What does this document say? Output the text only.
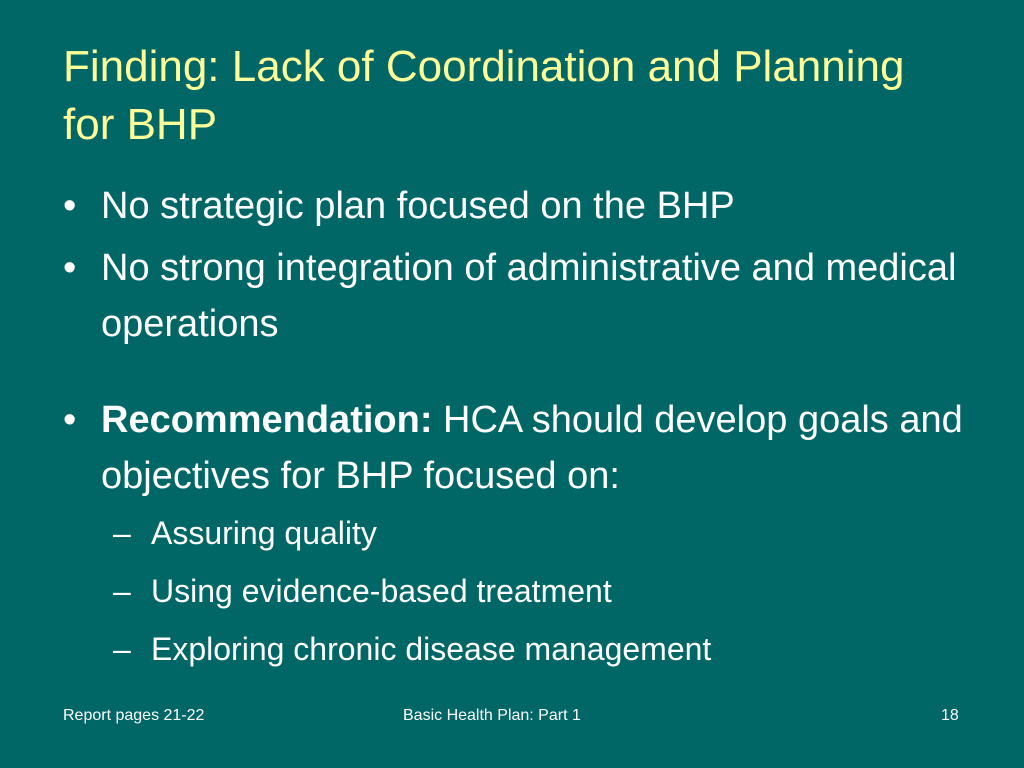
Finding: Lack of Coordination and Planning for BHP
• No strategic plan focused on the BHP
• No strong integration of administrative and medical operations
• Recommendation: HCA should develop goals and objectives for BHP focused on:
– Assuring quality
– Using evidence-based treatment
– Exploring chronic disease management
Report pages 21-22	Basic Health Plan: Part 1	18
